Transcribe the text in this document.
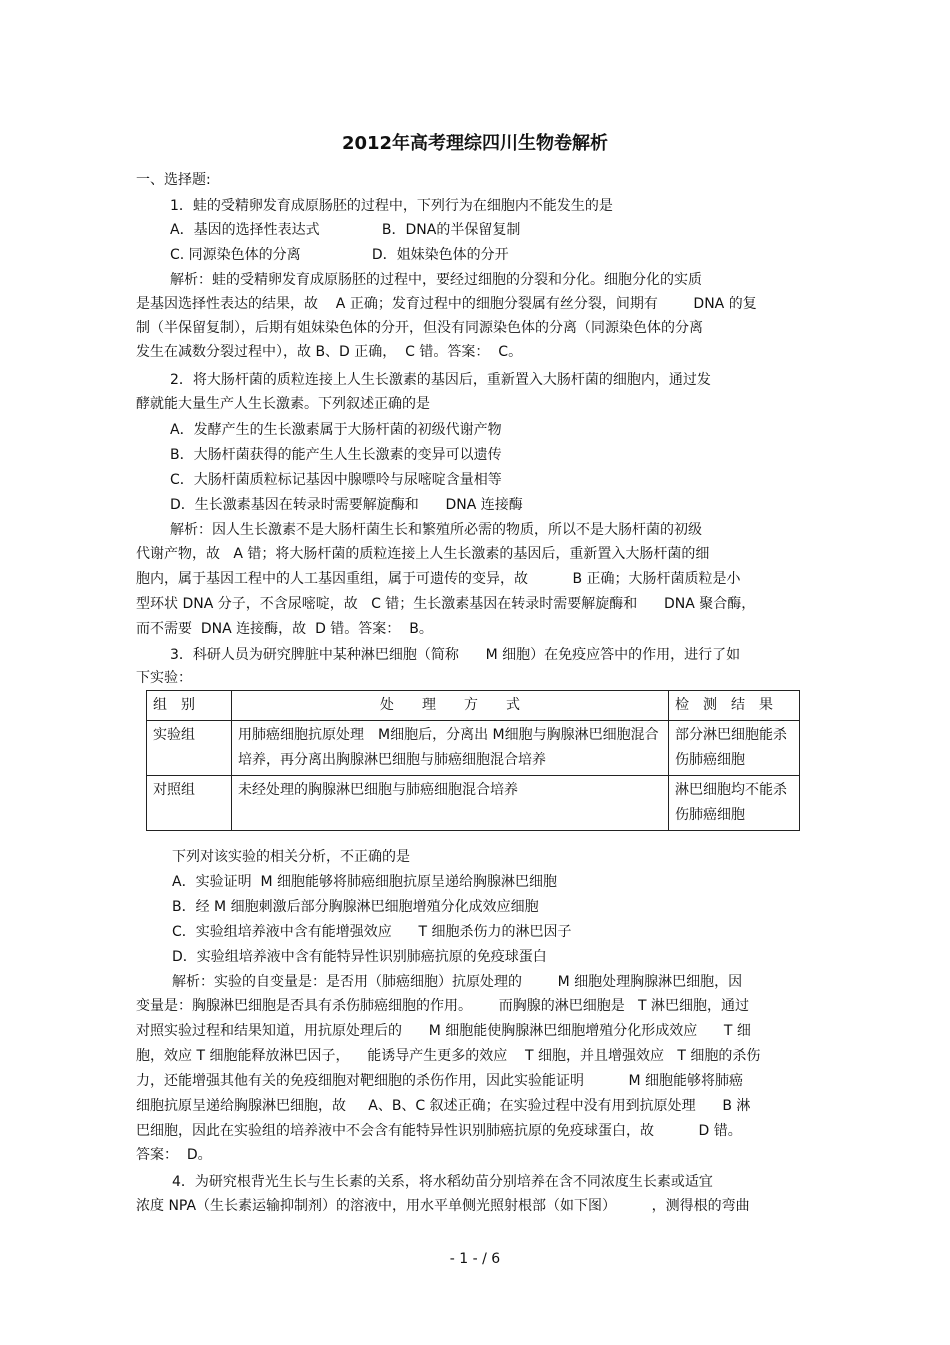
2012年高考理综四川生物卷解析
一、选择题:
1．蛙的受精卵发育成原肠胚的过程中，下列行为在细胞内不能发生的是
A．基因的选择性表达式              B．DNA的半保留复制
C. 同源染色体的分离                D．姐妹染色体的分开
解析：蛙的受精卵发育成原肠胚的过程中，要经过细胞的分裂和分化。细胞分化的实质
是基因选择性表达的结果，故    A 正确；发育过程中的细胞分裂属有丝分裂，间期有        DNA 的复
制（半保留复制），后期有姐妹染色体的分开，但没有同源染色体的分离（同源染色体的分离
发生在减数分裂过程中），故 B、D 正确，  C 错。答案：  C。
2．将大肠杆菌的质粒连接上人生长激素的基因后，重新置入大肠杆菌的细胞内，通过发
酵就能大量生产人生长激素。下列叙述正确的是
A．发酵产生的生长激素属于大肠杆菌的初级代谢产物
B．大肠杆菌获得的能产生人生长激素的变异可以遗传
C．大肠杆菌质粒标记基因中腺嘌呤与尿嘧啶含量相等
D．生长激素基因在转录时需要解旋酶和      DNA 连接酶
解析：因人生长激素不是大肠杆菌生长和繁殖所必需的物质，所以不是大肠杆菌的初级
代谢产物，故   A 错；将大肠杆菌的质粒连接上人生长激素的基因后，重新置入大肠杆菌的细
胞内，属于基因工程中的人工基因重组，属于可遗传的变异，故          B 正确；大肠杆菌质粒是小
型环状 DNA 分子，不含尿嘧啶，故   C 错；生长激素基因在转录时需要解旋酶和      DNA 聚合酶，
而不需要  DNA 连接酶，故  D 错。答案：  B。
3．科研人员为研究脾脏中某种淋巴细胞（简称      M 细胞）在免疫应答中的作用，进行了如
下实验：
组　别	处　　理　　方　　式	检　测　结　果
实验组	用肺癌细胞抗原处理　M细胞后，分离出 M细胞与胸腺淋巴细胞混合培养，再分离出胸腺淋巴细胞与肺癌细胞混合培养	部分淋巴细胞能杀伤肺癌细胞
对照组	未经处理的胸腺淋巴细胞与肺癌细胞混合培养	淋巴细胞均不能杀伤肺癌细胞
下列对该实验的相关分析，不正确的是
A．实验证明  M 细胞能够将肺癌细胞抗原呈递给胸腺淋巴细胞
B．经 M 细胞刺激后部分胸腺淋巴细胞增殖分化成效应细胞
C．实验组培养液中含有能增强效应      T 细胞杀伤力的淋巴因子
D．实验组培养液中含有能特异性识别肺癌抗原的免疫球蛋白
解析：实验的自变量是：是否用（肺癌细胞）抗原处理的        M 细胞处理胸腺淋巴细胞，因
变量是：胸腺淋巴细胞是否具有杀伤肺癌细胞的作用。      而胸腺的淋巴细胞是   T 淋巴细胞，通过
对照实验过程和结果知道，用抗原处理后的      M 细胞能使胸腺淋巴细胞增殖分化形成效应      T 细
胞，效应 T 细胞能释放淋巴因子，    能诱导产生更多的效应    T 细胞，并且增强效应   T 细胞的杀伤
力，还能增强其他有关的免疫细胞对靶细胞的杀伤作用，因此实验能证明          M 细胞能够将肺癌
细胞抗原呈递给胸腺淋巴细胞，故     A、B、C 叙述正确；在实验过程中没有用到抗原处理      B 淋
巴细胞，因此在实验组的培养液中不会含有能特异性识别肺癌抗原的免疫球蛋白，故          D 错。
答案：  D。
4．为研究根背光生长与生长素的关系，将水稻幼苗分别培养在含不同浓度生长素或适宜
浓度 NPA（生长素运输抑制剂）的溶液中，用水平单侧光照射根部（如下图）        ，测得根的弯曲
- 1 - / 6
